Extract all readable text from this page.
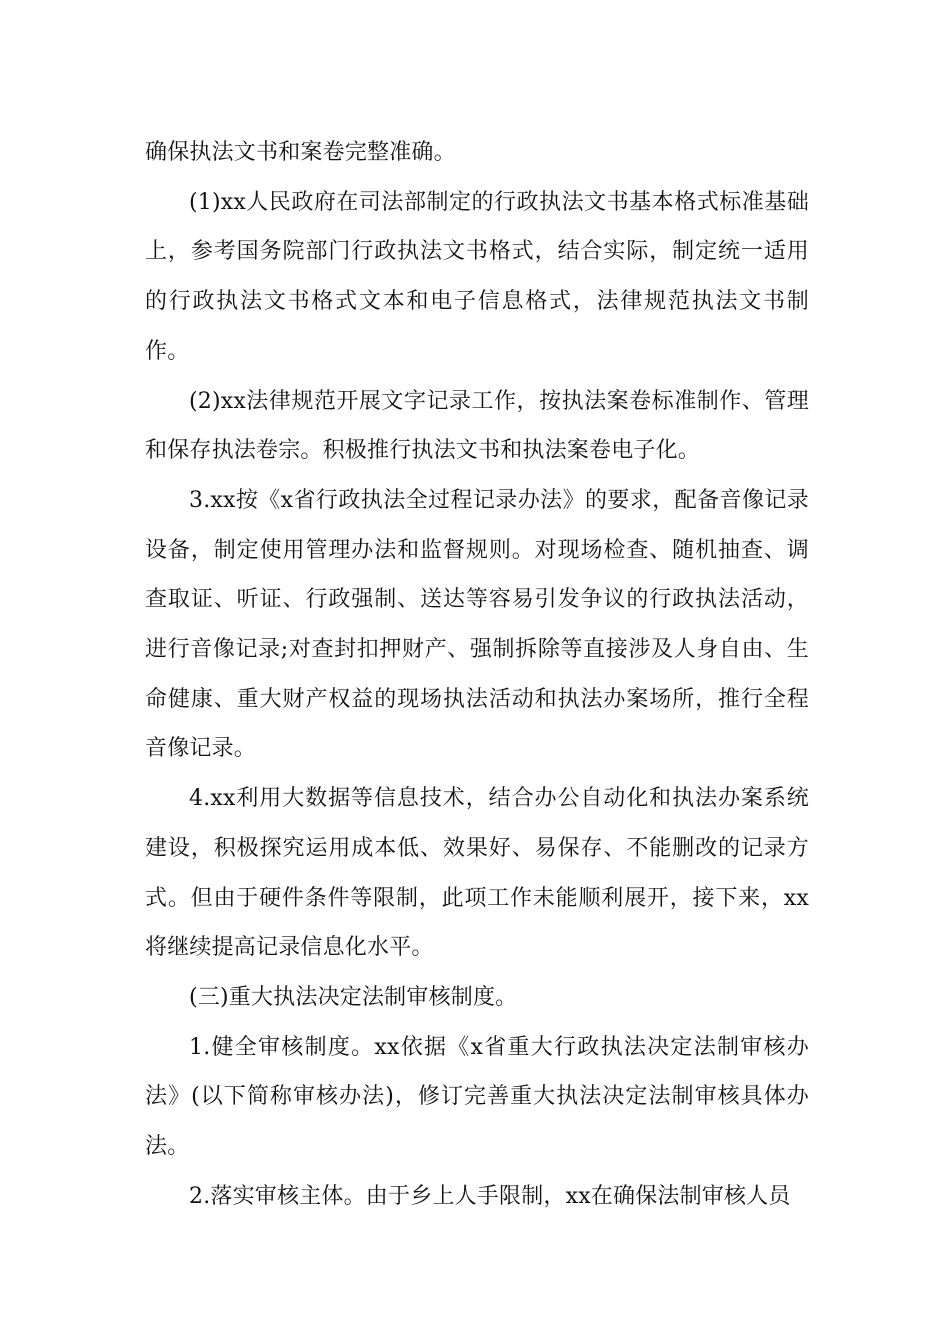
确保执法文书和案卷完整准确。

(1)xx人民政府在司法部制定的行政执法文书基本格式标准基础上，参考国务院部门行政执法文书格式，结合实际，制定统一适用的行政执法文书格式文本和电子信息格式，法律规范执法文书制作。

(2)xx法律规范开展文字记录工作，按执法案卷标准制作、管理和保存执法卷宗。积极推行执法文书和执法案卷电子化。

3.xx按《x省行政执法全过程记录办法》的要求，配备音像记录设备，制定使用管理办法和监督规则。对现场检查、随机抽查、调查取证、听证、行政强制、送达等容易引发争议的行政执法活动，进行音像记录;对查封扣押财产、强制拆除等直接涉及人身自由、生命健康、重大财产权益的现场执法活动和执法办案场所，推行全程音像记录。

4.xx利用大数据等信息技术，结合办公自动化和执法办案系统建设，积极探究运用成本低、效果好、易保存、不能删改的记录方式。但由于硬件条件等限制，此项工作未能顺利展开，接下来，xx将继续提高记录信息化水平。

(三)重大执法决定法制审核制度。

1.健全审核制度。xx依据《x省重大行政执法决定法制审核办法》(以下简称审核办法)，修订完善重大执法决定法制审核具体办法。

2.落实审核主体。由于乡上人手限制，xx在确保法制审核人员
